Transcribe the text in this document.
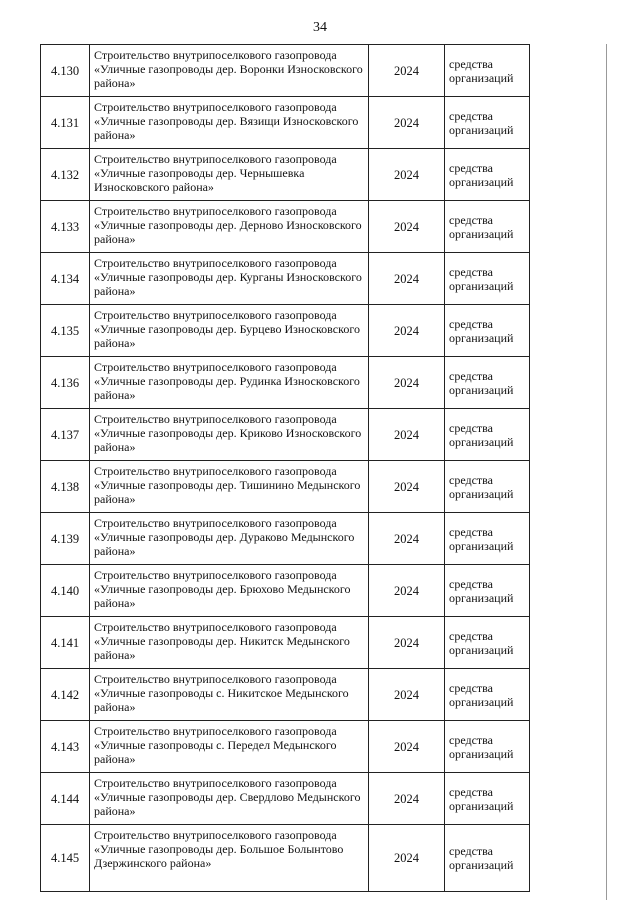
34
4.130	Строительство внутрипоселкового газопровода «Уличные газопроводы дер. Воронки Износковского района»	2024	средства организаций
4.131	Строительство внутрипоселкового газопровода «Уличные газопроводы дер. Вязищи Износковского района»	2024	средства организаций
4.132	Строительство внутрипоселкового газопровода «Уличные газопроводы дер. Чернышевка Износковского района»	2024	средства организаций
4.133	Строительство внутрипоселкового газопровода «Уличные газопроводы дер. Дерново Износковского района»	2024	средства организаций
4.134	Строительство внутрипоселкового газопровода «Уличные газопроводы дер. Курганы Износковского района»	2024	средства организаций
4.135	Строительство внутрипоселкового газопровода «Уличные газопроводы дер. Бурцево Износковского района»	2024	средства организаций
4.136	Строительство внутрипоселкового газопровода «Уличные газопроводы дер. Рудинка Износковского района»	2024	средства организаций
4.137	Строительство внутрипоселкового газопровода «Уличные газопроводы дер. Криково Износковского района»	2024	средства организаций
4.138	Строительство внутрипоселкового газопровода «Уличные газопроводы дер. Тишинино Медынского района»	2024	средства организаций
4.139	Строительство внутрипоселкового газопровода «Уличные газопроводы дер. Дураково Медынского района»	2024	средства организаций
4.140	Строительство внутрипоселкового газопровода «Уличные газопроводы дер. Брюхово Медынского района»	2024	средства организаций
4.141	Строительство внутрипоселкового газопровода «Уличные газопроводы дер. Никитск Медынского района»	2024	средства организаций
4.142	Строительство внутрипоселкового газопровода «Уличные газопроводы с. Никитское Медынского района»	2024	средства организаций
4.143	Строительство внутрипоселкового газопровода «Уличные газопроводы с. Передел Медынского района»	2024	средства организаций
4.144	Строительство внутрипоселкового газопровода «Уличные газопроводы дер. Свердлово Медынского района»	2024	средства организаций
4.145	Строительство внутрипоселкового газопровода «Уличные газопроводы дер. Большое Болынтово Дзержинского района»	2024	средства организаций
